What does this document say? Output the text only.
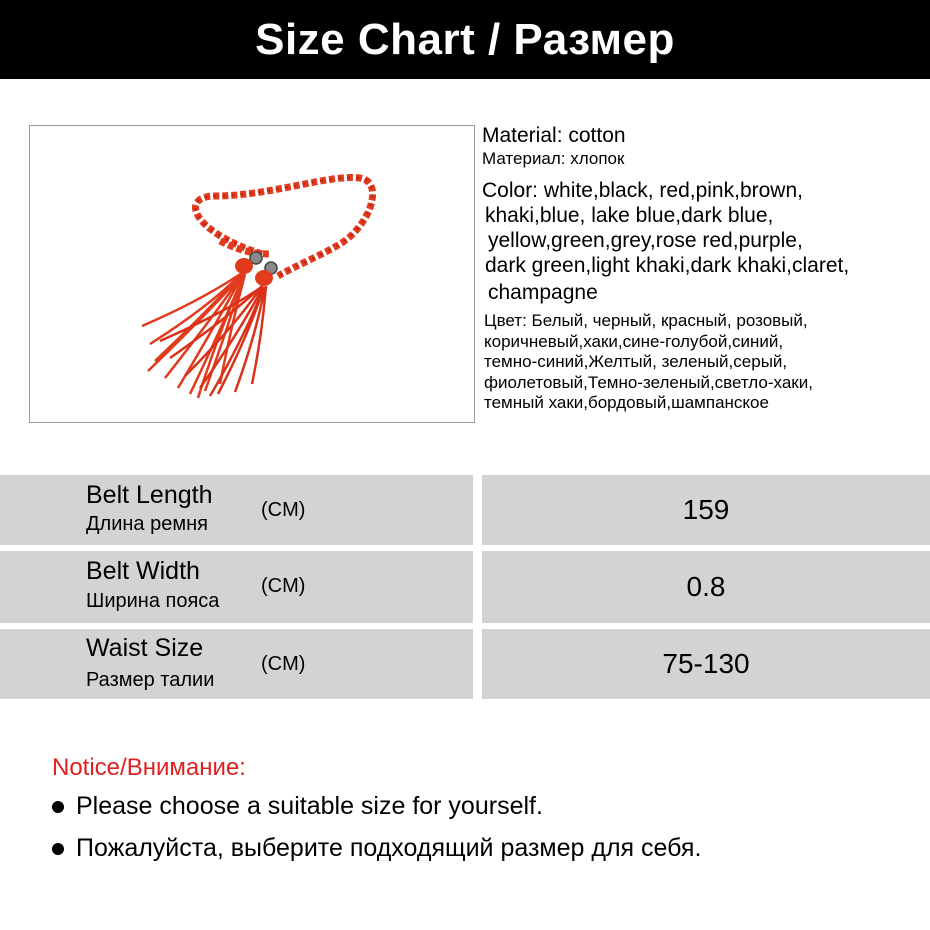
Size Chart / Размер
Material: cotton
Материал: хлопок
Color: white,black, red,pink,brown,
khaki,blue, lake blue,dark blue,
yellow,green,grey,rose red,purple,
dark green,light khaki,dark khaki,claret,
champagne
Цвет: Белый, черный, красный, розовый,
коричневый,хаки,сине-голубой,синий,
темно-синий,Желтый, зеленый,серый,
фиолетовый,Темно-зеленый,светло-хаки,
темный хаки,бордовый,шампанское
Belt Length
Длина ремня
(CM)	159
Belt Width
Ширина пояса
(CM)	0.8
Waist Size
Размер талии
(CM)	75-130
Notice/Внимание:
Please choose a suitable size for yourself.
Пожалуйста, выберите подходящий размер для себя.
